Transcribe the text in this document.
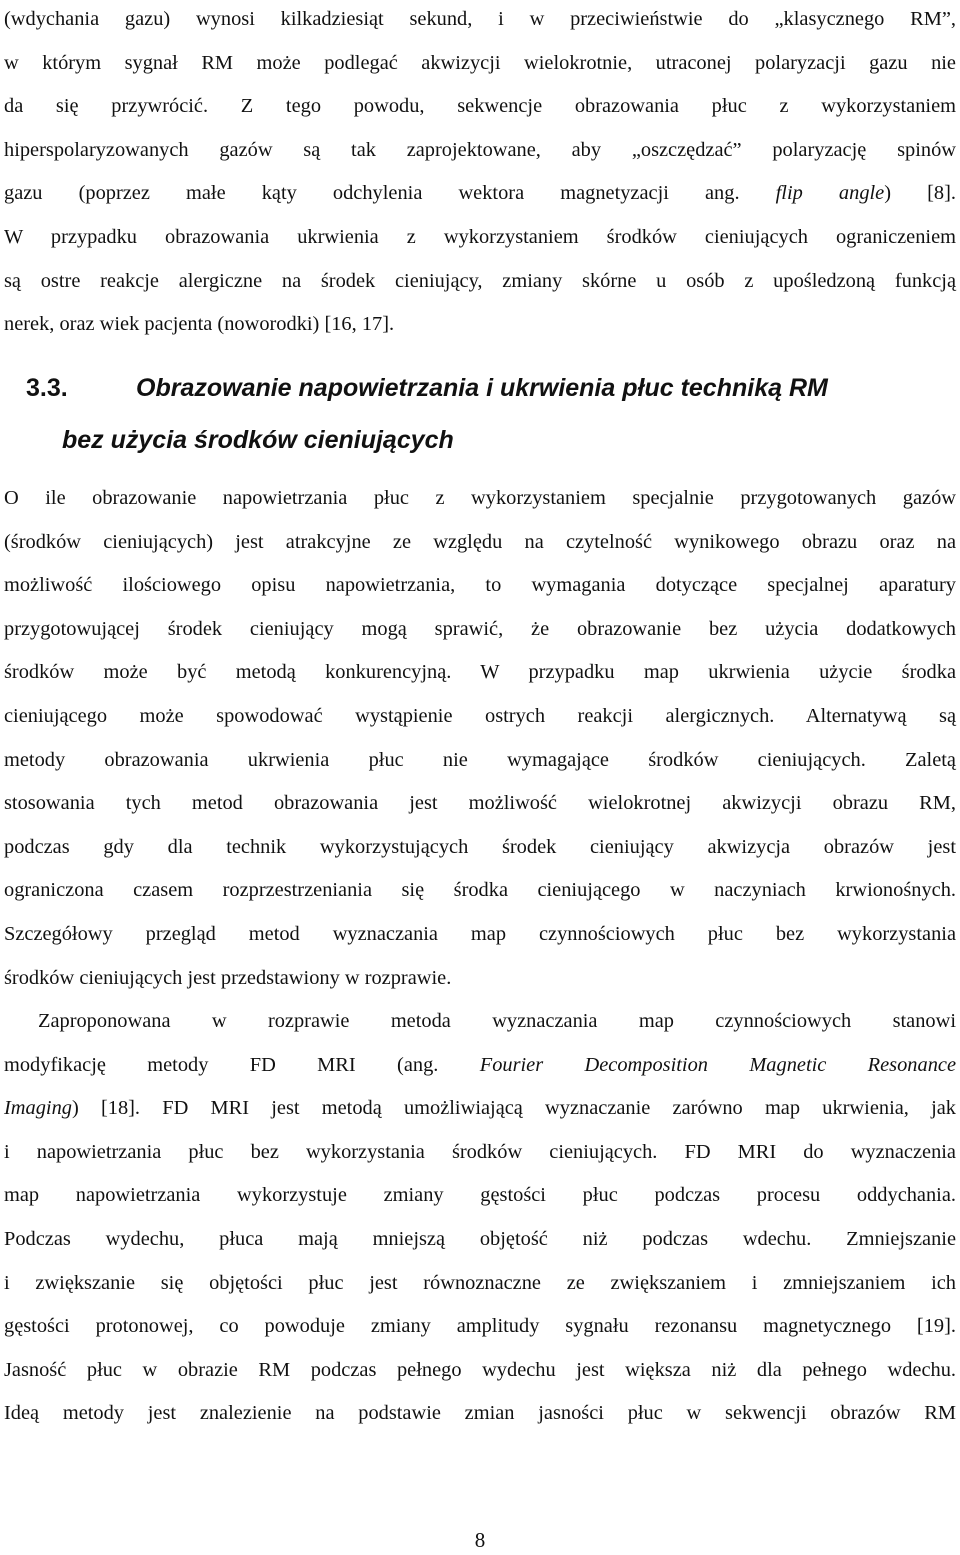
(wdychania gazu) wynosi kilkadziesiąt sekund, i w przeciwieństwie do „klasycznego RM”,
w którym sygnał RM może podlegać akwizycji wielokrotnie, utraconej polaryzacji gazu nie
da się przywrócić. Z tego powodu, sekwencje obrazowania płuc z wykorzystaniem
hiperspolaryzowanych gazów są tak zaprojektowane, aby „oszczędzać” polaryzację spinów
gazu (poprzez małe kąty odchylenia wektora magnetyzacji ang. flip angle) [8].
W przypadku obrazowania ukrwienia z wykorzystaniem środków cieniujących ograniczeniem
są ostre reakcje alergiczne na środek cieniujący, zmiany skórne u osób z upośledzoną funkcją
nerek, oraz wiek pacjenta (noworodki) [16, 17].
3.3.	Obrazowanie napowietrzania i ukrwienia płuc techniką RM
bez użycia środków cieniujących
O ile obrazowanie napowietrzania płuc z wykorzystaniem specjalnie przygotowanych gazów
(środków cieniujących) jest atrakcyjne ze względu na czytelność wynikowego obrazu oraz na
możliwość ilościowego opisu napowietrzania, to wymagania dotyczące specjalnej aparatury
przygotowującej środek cieniujący mogą sprawić, że obrazowanie bez użycia dodatkowych
środków może być metodą konkurencyjną. W przypadku map ukrwienia użycie środka
cieniującego może spowodować wystąpienie ostrych reakcji alergicznych. Alternatywą są
metody obrazowania ukrwienia płuc nie wymagające środków cieniujących. Zaletą
stosowania tych metod obrazowania jest możliwość wielokrotnej akwizycji obrazu RM,
podczas gdy dla technik wykorzystujących środek cieniujący akwizycja obrazów jest
ograniczona czasem rozprzestrzeniania się środka cieniującego w naczyniach krwionośnych.
Szczegółowy przegląd metod wyznaczania map czynnościowych płuc bez wykorzystania
środków cieniujących jest przedstawiony w rozprawie.
Zaproponowana w rozprawie metoda wyznaczania map czynnościowych stanowi
modyfikację metody FD MRI (ang. Fourier Decomposition Magnetic Resonance
Imaging) [18]. FD MRI jest metodą umożliwiającą wyznaczanie zarówno map ukrwienia, jak
i napowietrzania płuc bez wykorzystania środków cieniujących. FD MRI do wyznaczenia
map napowietrzania wykorzystuje zmiany gęstości płuc podczas procesu oddychania.
Podczas wydechu, płuca mają mniejszą objętość niż podczas wdechu. Zmniejszanie
i zwiększanie się objętości płuc jest równoznaczne ze zwiększaniem i zmniejszaniem ich
gęstości protonowej, co powoduje zmiany amplitudy sygnału rezonansu magnetycznego [19].
Jasność płuc w obrazie RM podczas pełnego wydechu jest większa niż dla pełnego wdechu.
Ideą metody jest znalezienie na podstawie zmian jasności płuc w sekwencji obrazów RM
8
